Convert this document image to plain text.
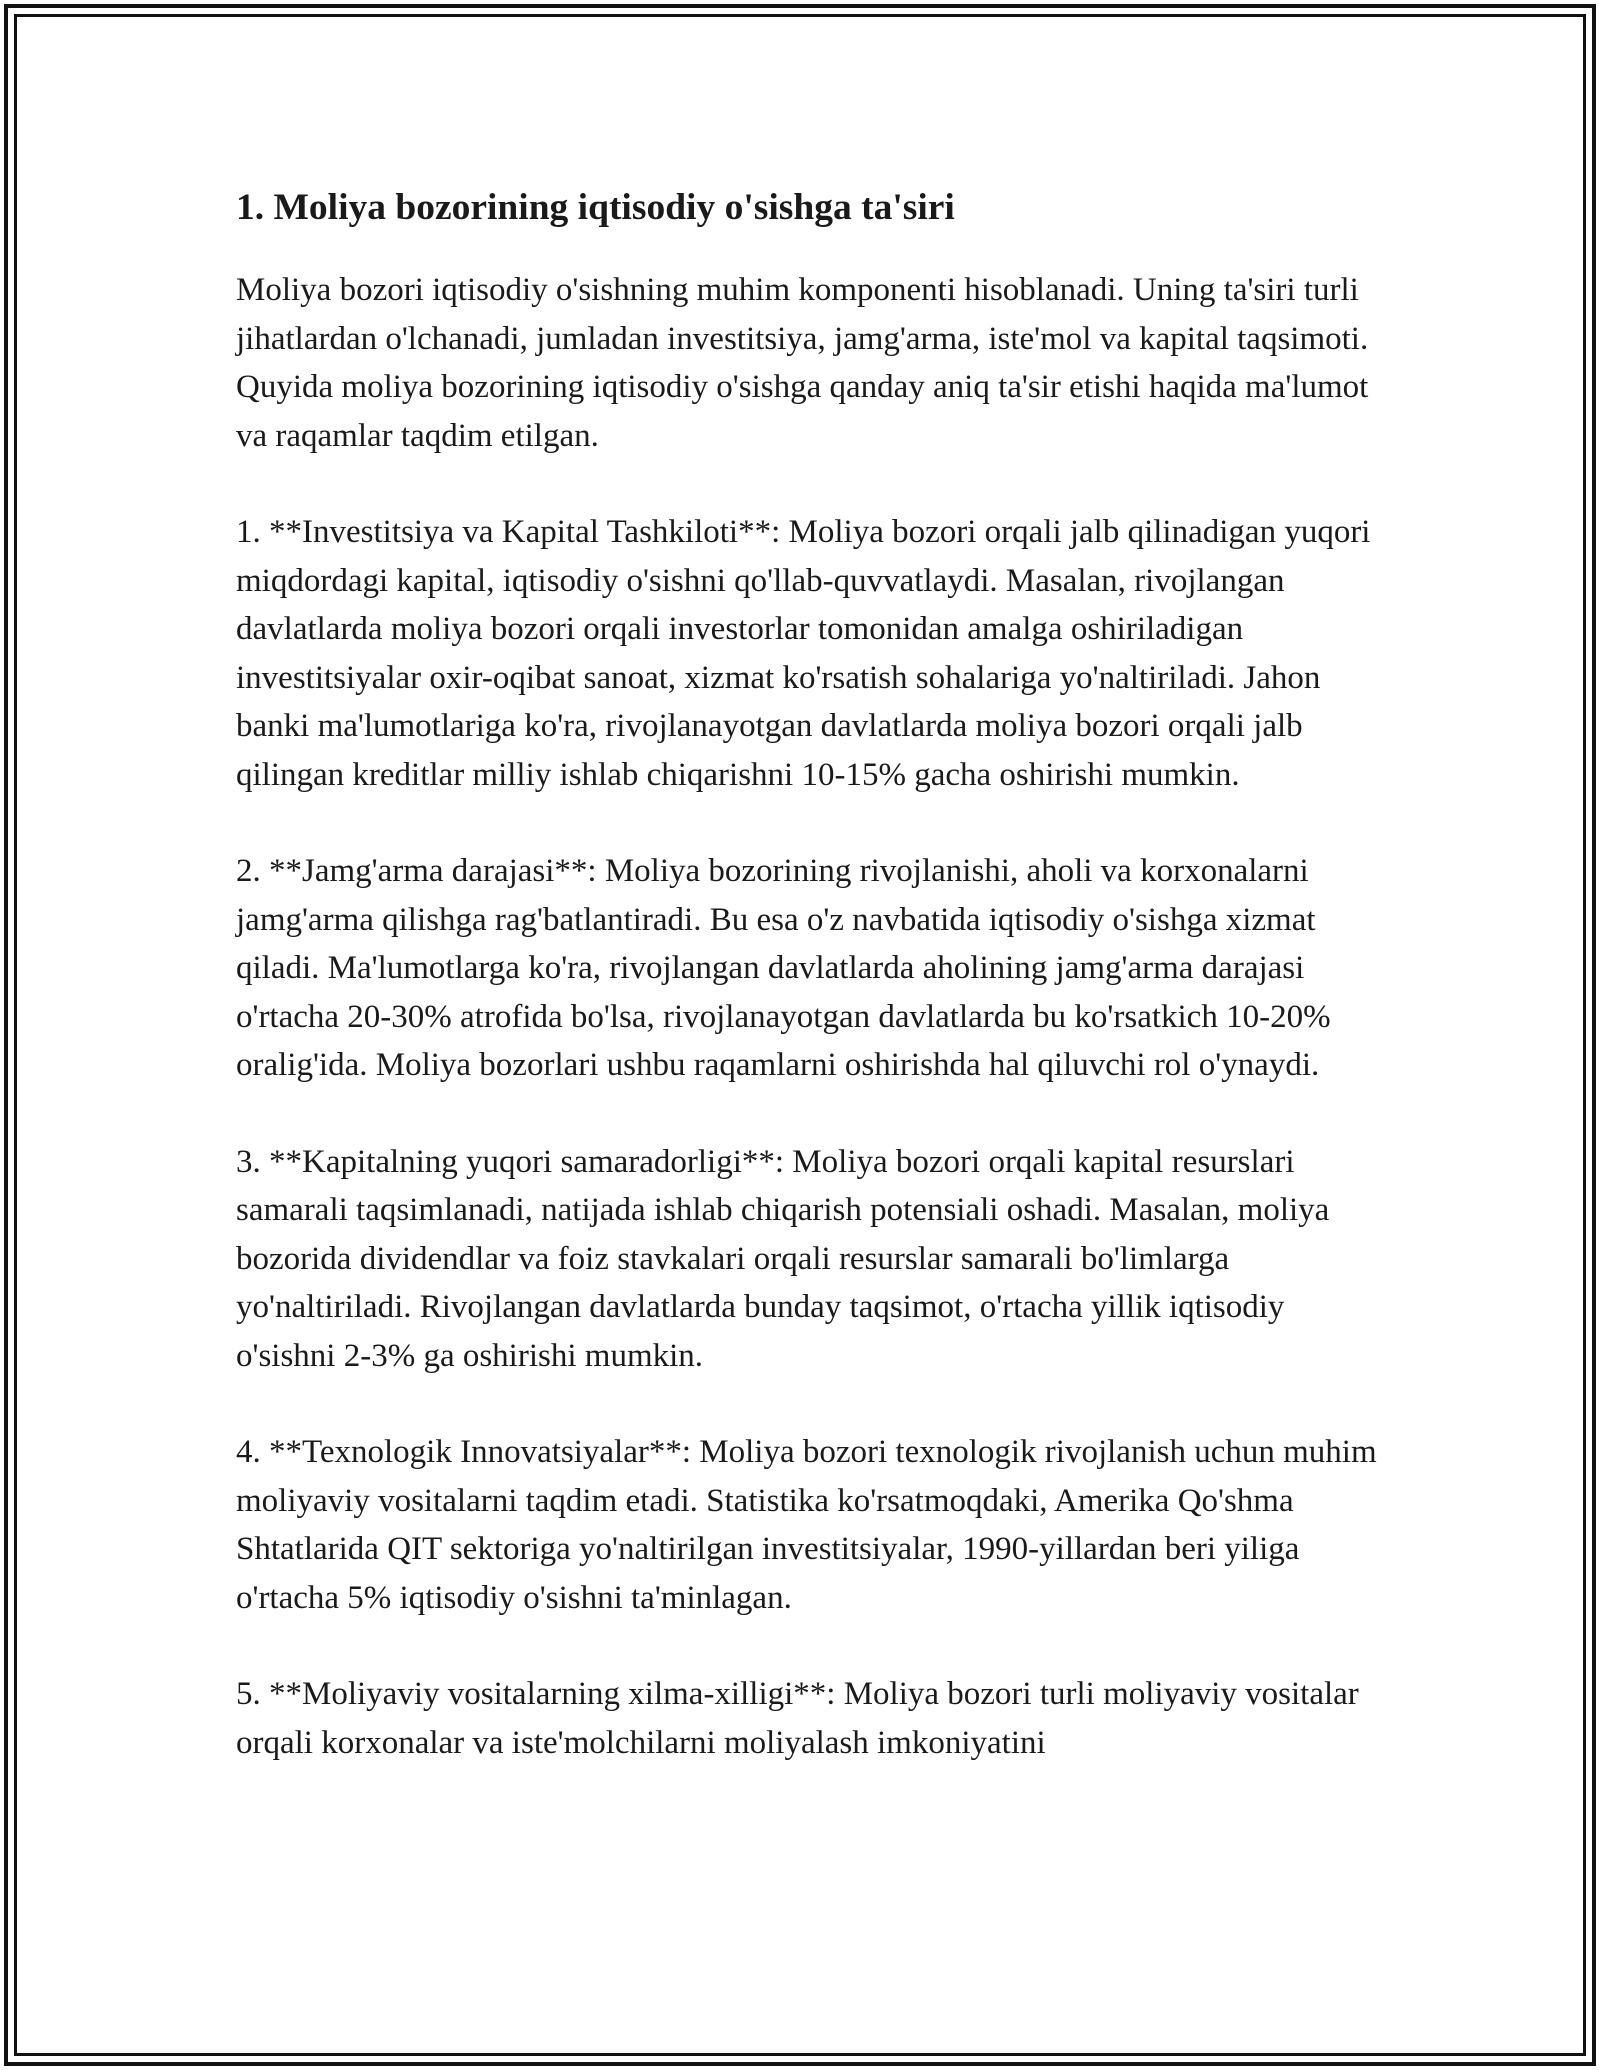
1. Moliya bozorining iqtisodiy o'sishga ta'siri

Moliya bozori iqtisodiy o'sishning muhim komponenti hisoblanadi. Uning ta'siri turli jihatlardan o'lchanadi, jumladan investitsiya, jamg'arma, iste'mol va kapital taqsimoti. Quyida moliya bozorining iqtisodiy o'sishga qanday aniq ta'sir etishi haqida ma'lumot va raqamlar taqdim etilgan.

1. **Investitsiya va Kapital Tashkiloti**: Moliya bozori orqali jalb qilinadigan yuqori miqdordagi kapital, iqtisodiy o'sishni qo'llab-quvvatlaydi. Masalan, rivojlangan davlatlarda moliya bozori orqali investorlar tomonidan amalga oshiriladigan investitsiyalar oxir-oqibat sanoat, xizmat ko'rsatish sohalariga yo'naltiriladi. Jahon banki ma'lumotlariga ko'ra, rivojlanayotgan davlatlarda moliya bozori orqali jalb qilingan kreditlar milliy ishlab chiqarishni 10-15% gacha oshirishi mumkin.

2. **Jamg'arma darajasi**: Moliya bozorining rivojlanishi, aholi va korxonalarni jamg'arma qilishga rag'batlantiradi. Bu esa o'z navbatida iqtisodiy o'sishga xizmat qiladi. Ma'lumotlarga ko'ra, rivojlangan davlatlarda aholining jamg'arma darajasi o'rtacha 20-30% atrofida bo'lsa, rivojlanayotgan davlatlarda bu ko'rsatkich 10-20% oralig'ida. Moliya bozorlari ushbu raqamlarni oshirishda hal qiluvchi rol o'ynaydi.

3. **Kapitalning yuqori samaradorligi**: Moliya bozori orqali kapital resurslari samarali taqsimlanadi, natijada ishlab chiqarish potensiali oshadi. Masalan, moliya bozorida dividendlar va foiz stavkalari orqali resurslar samarali bo'limlarga yo'naltiriladi. Rivojlangan davlatlarda bunday taqsimot, o'rtacha yillik iqtisodiy o'sishni 2-3% ga oshirishi mumkin.

4. **Texnologik Innovatsiyalar**: Moliya bozori texnologik rivojlanish uchun muhim moliyaviy vositalarni taqdim etadi. Statistika ko'rsatmoqdaki, Amerika Qo'shma Shtatlarida QIT sektoriga yo'naltirilgan investitsiyalar, 1990-yillardan beri yiliga o'rtacha 5% iqtisodiy o'sishni ta'minlagan.

5. **Moliyaviy vositalarning xilma-xilligi**: Moliya bozori turli moliyaviy vositalar orqali korxonalar va iste'molchilarni moliyalash imkoniyatini
